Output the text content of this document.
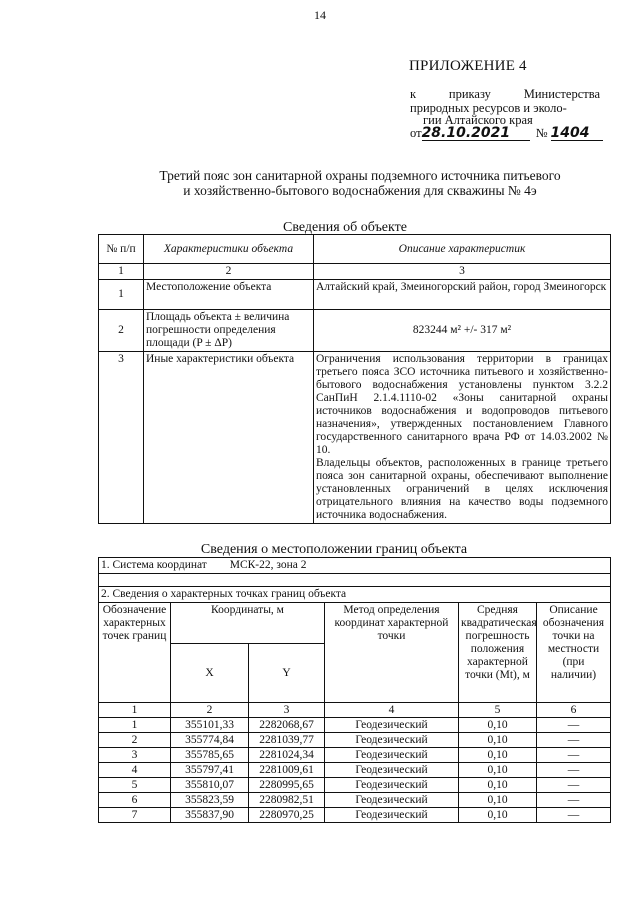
14
ПРИЛОЖЕНИЕ 4
к	приказу	Министерства
природных ресурсов и эколо-
гии Алтайского края
от28.10.2021 № 1404
Третий пояс зон санитарной охраны подземного источника питьевого
и хозяйственно-бытового водоснабжения для скважины № 4э
Сведения об объекте
№ п/п	Характеристики объекта	Описание характеристик
1	2	3
1	Местоположение объекта	Алтайский край, Змеиногорский район, город Змеиногорск
2	Площадь объекта ± величина погрешности определения площади (P ± ΔP)	823244 м² +/- 317 м²
3	Иные характеристики объекта	Ограничения использования территории в границах третьего пояса ЗСО источника питьевого и хозяйственно-бытового водоснабжения установлены пунктом 3.2.2 СанПиН 2.1.4.1110-02 «Зоны санитарной охраны источников водоснабжения и водопроводов питьевого назначения», утвержденных постановлением Главного государственного санитарного врача РФ от 14.03.2002 № 10.
Владельцы объектов, расположенных в границе третьего пояса зон санитарной охраны, обеспечивают выполнение установленных ограничений в целях исключения отрицательного влияния на качество воды подземного источника водоснабжения.
Сведения о местоположении границ объекта
1. Система координат МСК-22, зона 2					

2. Сведения о характерных точках границ объекта					
Обозначение характерных точек границ	Координаты, м		Метод определения координат характерной точки	Средняя квадратическая погрешность положения характерной точки (Mt), м	Описание обозначения точки на местности (при наличии)
	X	Y			
1	2	3	4	5	6
1	355101,33	2282068,67	Геодезический	0,10	—
2	355774,84	2281039,77	Геодезический	0,10	—
3	355785,65	2281024,34	Геодезический	0,10	—
4	355797,41	2281009,61	Геодезический	0,10	—
5	355810,07	2280995,65	Геодезический	0,10	—
6	355823,59	2280982,51	Геодезический	0,10	—
7	355837,90	2280970,25	Геодезический	0,10	—
